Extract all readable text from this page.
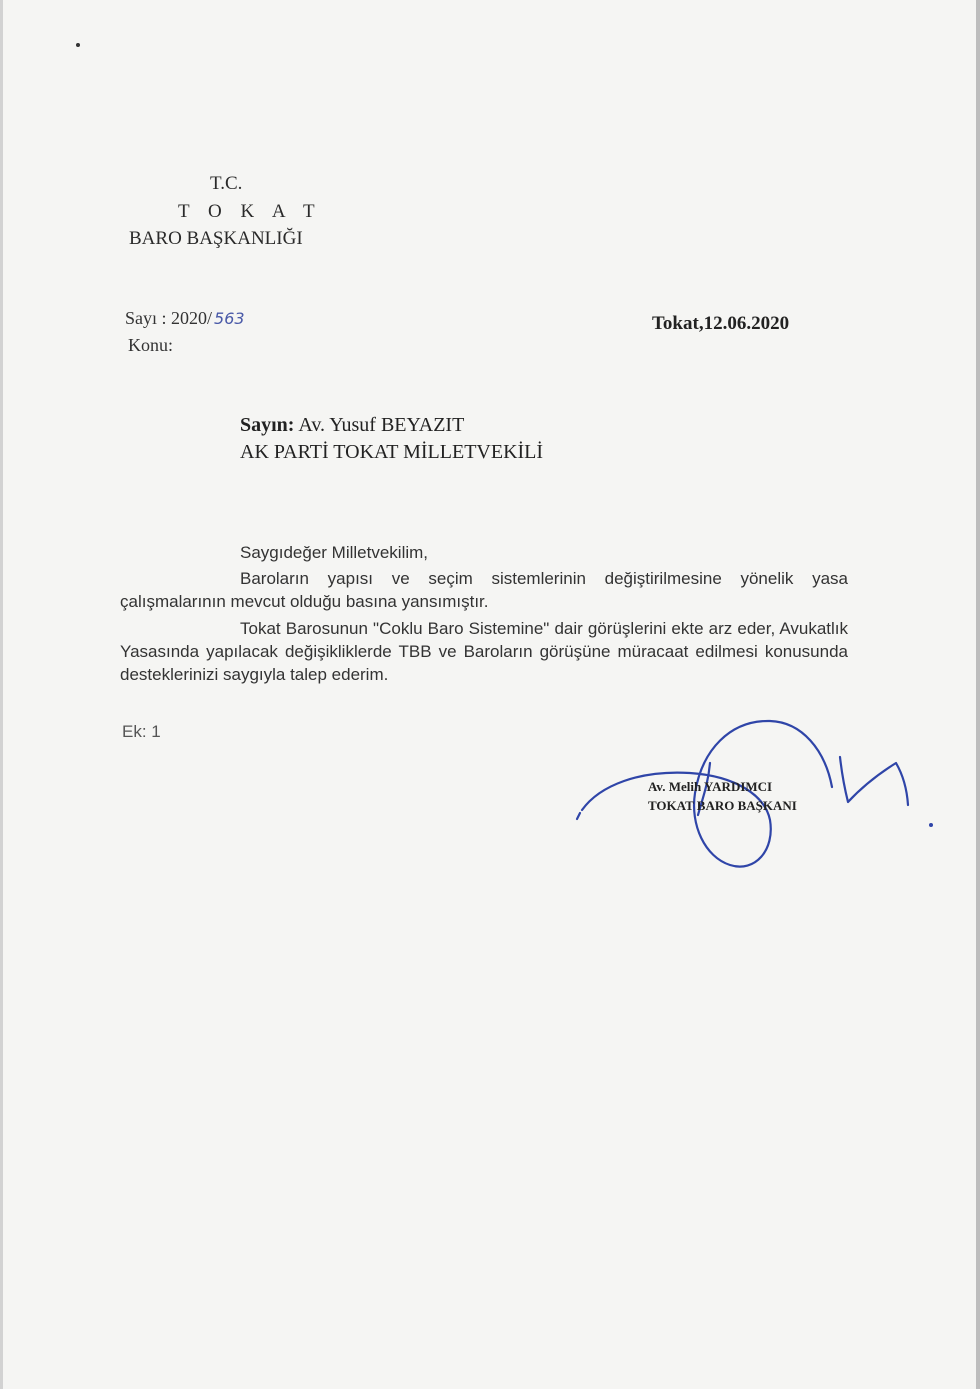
T.C.
T O K A T
BARO BAŞKANLIĞI
Sayı : 2020/ 563
Konu:
Tokat,12.06.2020
Sayın: Av. Yusuf BEYAZIT
AK PARTİ TOKAT MİLLETVEKİLİ
Saygıdeğer Milletvekilim,

Baroların yapısı ve seçim sistemlerinin değiştirilmesine yönelik yasa çalışmalarının mevcut olduğu basına yansımıştır.

Tokat Barosunun "Coklu Baro Sistemine" dair görüşlerini ekte arz eder, Avukatlık Yasasında yapılacak değişikliklerde TBB ve Baroların görüşüne müracaat edilmesi konusunda desteklerinizi saygıyla talep ederim.

Ek: 1
Av. Melih YARDIMCI
TOKAT BARO BAŞKANI
